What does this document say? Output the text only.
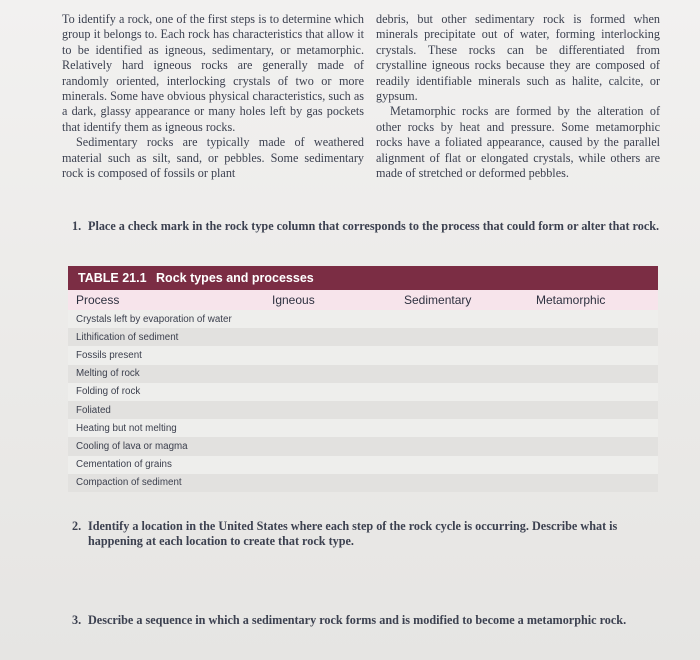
To identify a rock, one of the first steps is to determine which group it belongs to. Each rock has characteristics that allow it to be identified as igneous, sedimentary, or metamorphic. Relatively hard igneous rocks are generally made of randomly oriented, interlocking crystals of two or more minerals. Some have obvious physical characteristics, such as a dark, glassy appearance or many holes left by gas pockets that identify them as igneous rocks.

Sedimentary rocks are typically made of weathered material such as silt, sand, or pebbles. Some sedimentary rock is composed of fossils or plant

debris, but other sedimentary rock is formed when minerals precipitate out of water, forming interlocking crystals. These rocks can be differentiated from crystalline igneous rocks because they are composed of readily identifiable minerals such as halite, calcite, or gypsum.

Metamorphic rocks are formed by the alteration of other rocks by heat and pressure. Some metamorphic rocks have a foliated appearance, caused by the parallel alignment of flat or elongated crystals, while others are made of stretched or deformed pebbles.

1. Place a check mark in the rock type column that corresponds to the process that could form or alter that rock.
TABLE 21.1 Rock types and processes
Process	Igneous	Sedimentary	Metamorphic
Crystals left by evaporation of water
Lithification of sediment
Fossils present
Melting of rock
Folding of rock
Foliated
Heating but not melting
Cooling of lava or magma
Cementation of grains
Compaction of sediment
2. Identify a location in the United States where each step of the rock cycle is occurring. Describe what is happening at each location to create that rock type.
3. Describe a sequence in which a sedimentary rock forms and is modified to become a metamorphic rock.
